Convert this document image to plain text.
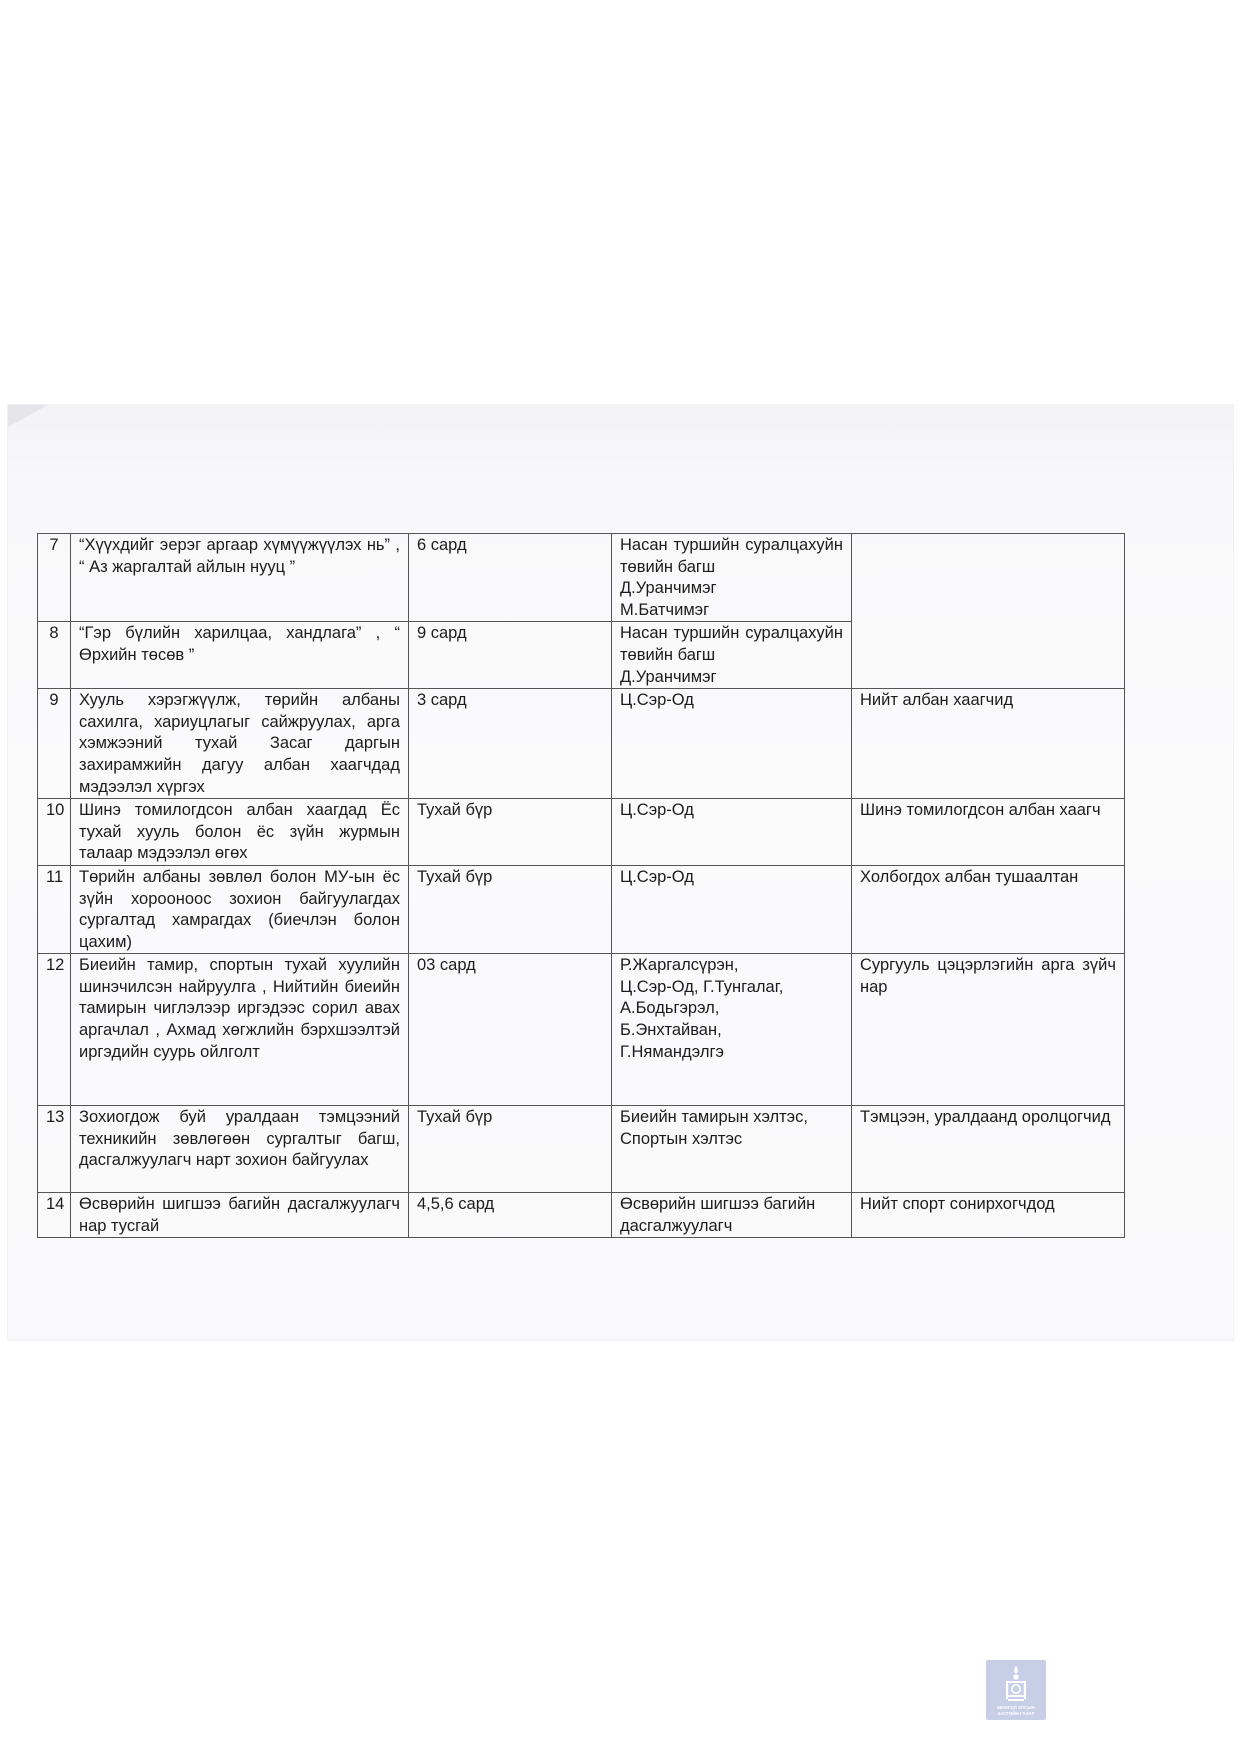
7	“Хүүхдийг эерэг аргаар хүмүүжүүлэх нь” , “ Аз жаргалтай айлын нууц ”	6 сард	Насан туршийн суралцахуйн төвийн багш
Д.Уранчимэг
М.Батчимэг	

8	“Гэр бүлийн харилцаа, хандлага” , “ Өрхийн төсөв ”	9 сард	Насан туршийн суралцахуйн төвийн багш
Д.Уранчимэг	

9	Хууль хэрэгжүүлж, төрийн албаны сахилга, хариуцлагыг сайжруулах, арга хэмжээний тухай Засаг даргын захирамжийн дагуу албан хаагчдад мэдээлэл хүргэх	3 сард	Ц.Сэр-Од	Нийт албан хаагчид
10	Шинэ томилогдсон албан хаагдад Ёс тухай хууль болон ёс зүйн журмын талаар мэдээлэл өгөх	Тухай бүр	Ц.Сэр-Од	Шинэ томилогдсон албан хаагч
11	Төрийн албаны зөвлөл болон МУ-ын ёс зүйн хорооноос зохион байгуулагдах сургалтад хамрагдах (биечлэн болон цахим)	Тухай бүр	Ц.Сэр-Од	Холбогдох албан тушаалтан
12	Биеийн тамир, спортын тухай хуулийн шинэчилсэн найруулга , Нийтийн биеийн тамирын чиглэлээр иргэдээс сорил авах аргачлал , Ахмад хөгжлийн бэрхшээлтэй иргэдийн суурь ойлголт	03 сард	Р.Жаргалсүрэн,
Ц.Сэр-Од, Г.Тунгалаг,
А.Бодьгэрэл,
Б.Энхтайван,
Г.Нямандэлгэ	Сургууль цэцэрлэгийн арга зүйч нар
13	Зохиогдож буй уралдаан тэмцээний техникийн зөвлөгөөн сургалтыг багш, дасгалжуулагч нарт зохион байгуулах	Тухай бүр	Биеийн тамирын хэлтэс, Спортын хэлтэс	Тэмцээн, уралдаанд оролцогчид
14	Өсвөрийн шигшээ багийн дасгалжуулагч нар тусгай	4,5,6 сард	Өсвөрийн шигшээ багийн дасгалжуулагч	Нийт спорт сонирхогчдод
МОНГОЛ УЛСЫН
ЗАСГИЙН ГАЗАР
